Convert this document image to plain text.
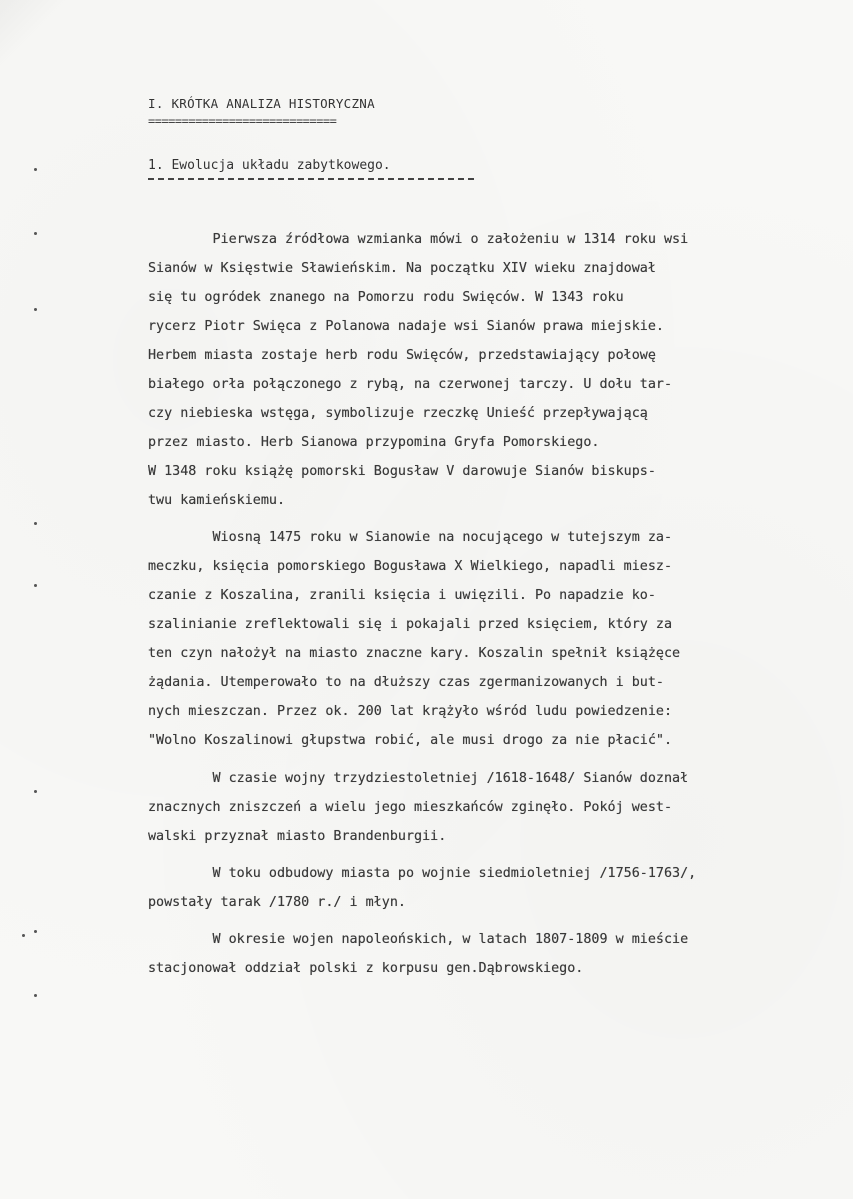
I. KRÓTKA ANALIZA HISTORYCZNA
============================
1. Ewolucja układu zabytkowego.
Pierwsza źródłowa wzmianka mówi o założeniu w 1314 roku wsi
Sianów w Księstwie Sławieńskim. Na początku XIV wieku znajdował
się tu ogródek znanego na Pomorzu rodu Święców. W 1343 roku
rycerz Piotr Swięca z Polanowa nadaje wsi Sianów prawa miejskie.
Herbem miasta zostaje herb rodu Święców, przedstawiający połowę
białego orła połączonego z rybą, na czerwonej tarczy. U dołu tar-
czy niebieska wstęga, symbolizuje rzeczkę Unieść przepływającą
przez miasto. Herb Sianowa przypomina Gryfa Pomorskiego.
W 1348 roku książę pomorski Bogusław V darowuje Sianów biskups-
twu kamieńskiemu.
Wiosną 1475 roku w Sianowie na nocującego w tutejszym za-
meczku, księcia pomorskiego Bogusława X Wielkiego, napadli miesz-
czanie z Koszalina, zranili księcia i uwięzili. Po napadzie ko-
szalinianie zreflektowali się i pokajali przed księciem, który za
ten czyn nałożył na miasto znaczne kary. Koszalin spełnił książęce
żądania. Utemperowało to na dłuższy czas zgermanizowanych i but-
nych mieszczan. Przez ok. 200 lat krążyło wśród ludu powiedzenie:
"Wolno Koszalinowi głupstwa robić, ale musi drogo za nie płacić".
W czasie wojny trzydziestoletniej /1618-1648/ Sianów doznał
znacznych zniszczeń a wielu jego mieszkańców zginęło. Pokój west-
walski przyznał miasto Brandenburgii.
W toku odbudowy miasta po wojnie siedmioletniej /1756-1763/,
powstały tarak /1780 r./ i młyn.
W okresie wojen napoleońskich, w latach 1807-1809 w mieście
stacjonował oddział polski z korpusu gen.Dąbrowskiego.
